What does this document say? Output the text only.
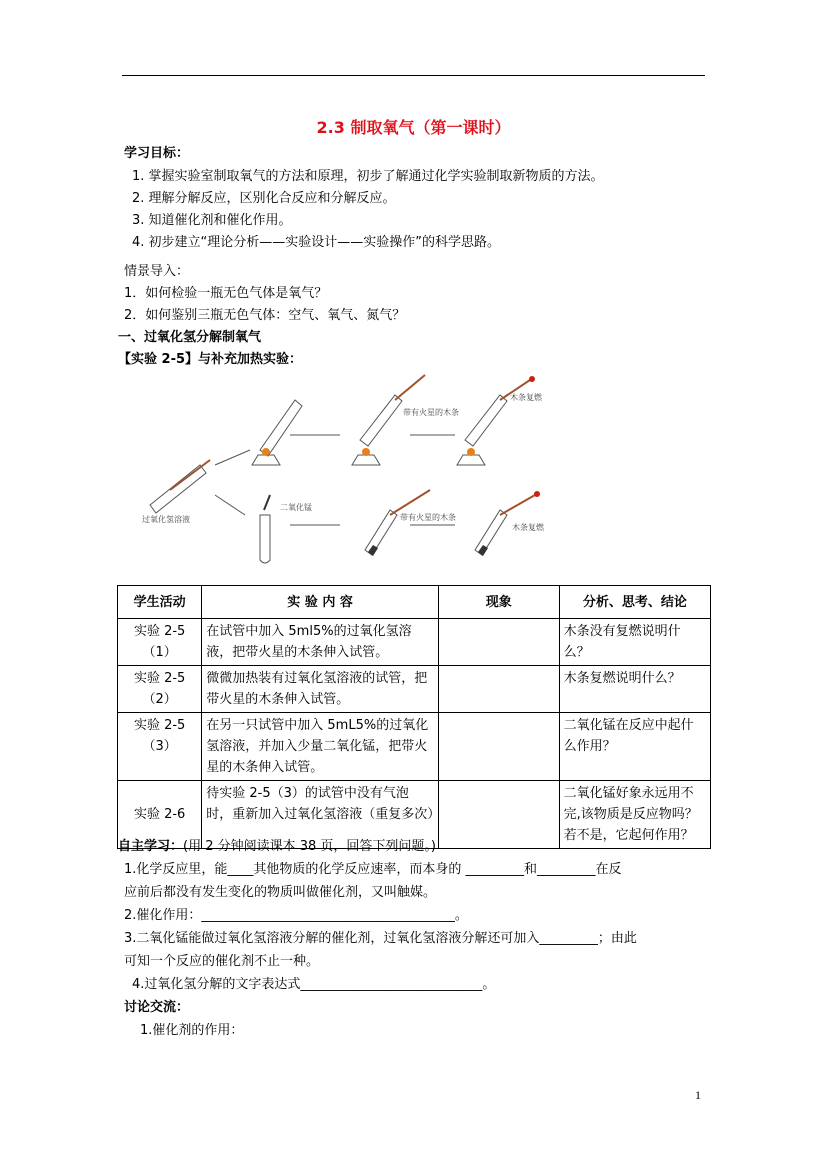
2.3 制取氧气（第一课时）
学习目标：
1. 掌握实验室制取氧气的方法和原理，初步了解通过化学实验制取新物质的方法。
2. 理解分解反应，区别化合反应和分解反应。
3. 知道催化剂和催化作用。
4. 初步建立“理论分析——实验设计——实验操作”的科学思路。
情景导入：
1．如何检验一瓶无色气体是氧气？
2．如何鉴别三瓶无色气体：空气、氧气、氮气？
一、过氧化氢分解制氧气
【实验 2-5】与补充加热实验：
过氧化氢溶液
带有火星的木条
木条复燃
二氧化锰
带有火星的木条
木条复燃
学生活动	实 验 内 容	现象	分析、思考、结论
实验 2-5（1）	在试管中加入 5ml5%的过氧化氢溶液，把带火星的木条伸入试管。		木条没有复燃说明什么？
实验 2-5（2）	微微加热装有过氧化氢溶液的试管，把带火星的木条伸入试管。		木条复燃说明什么？
实验 2-5（3）	在另一只试管中加入 5mL5%的过氧化氢溶液，并加入少量二氧化锰，把带火星的木条伸入试管。		二氧化锰在反应中起什么作用？
实验 2-6	待实验 2-5（3）的试管中没有气泡时，重新加入过氧化氢溶液（重复多次）		二氧化锰好象永远用不完,该物质是反应物吗？若不是，它起何作用？
自主学习：(用 2 分钟阅读课本 38 页，回答下列问题。)
1.化学反应里，能____其他物质的化学反应速率，而本身的 _________和_________在反
应前后都没有发生变化的物质叫做催化剂，又叫触媒。
2.催化作用：_______________________________________。
3.二氧化锰能做过氧化氢溶液分解的催化剂，过氧化氢溶液分解还可加入_________；由此
可知一个反应的催化剂不止一种。
4.过氧化氢分解的文字表达式____________________________。
讨论交流：
1.催化剂的作用：
1
